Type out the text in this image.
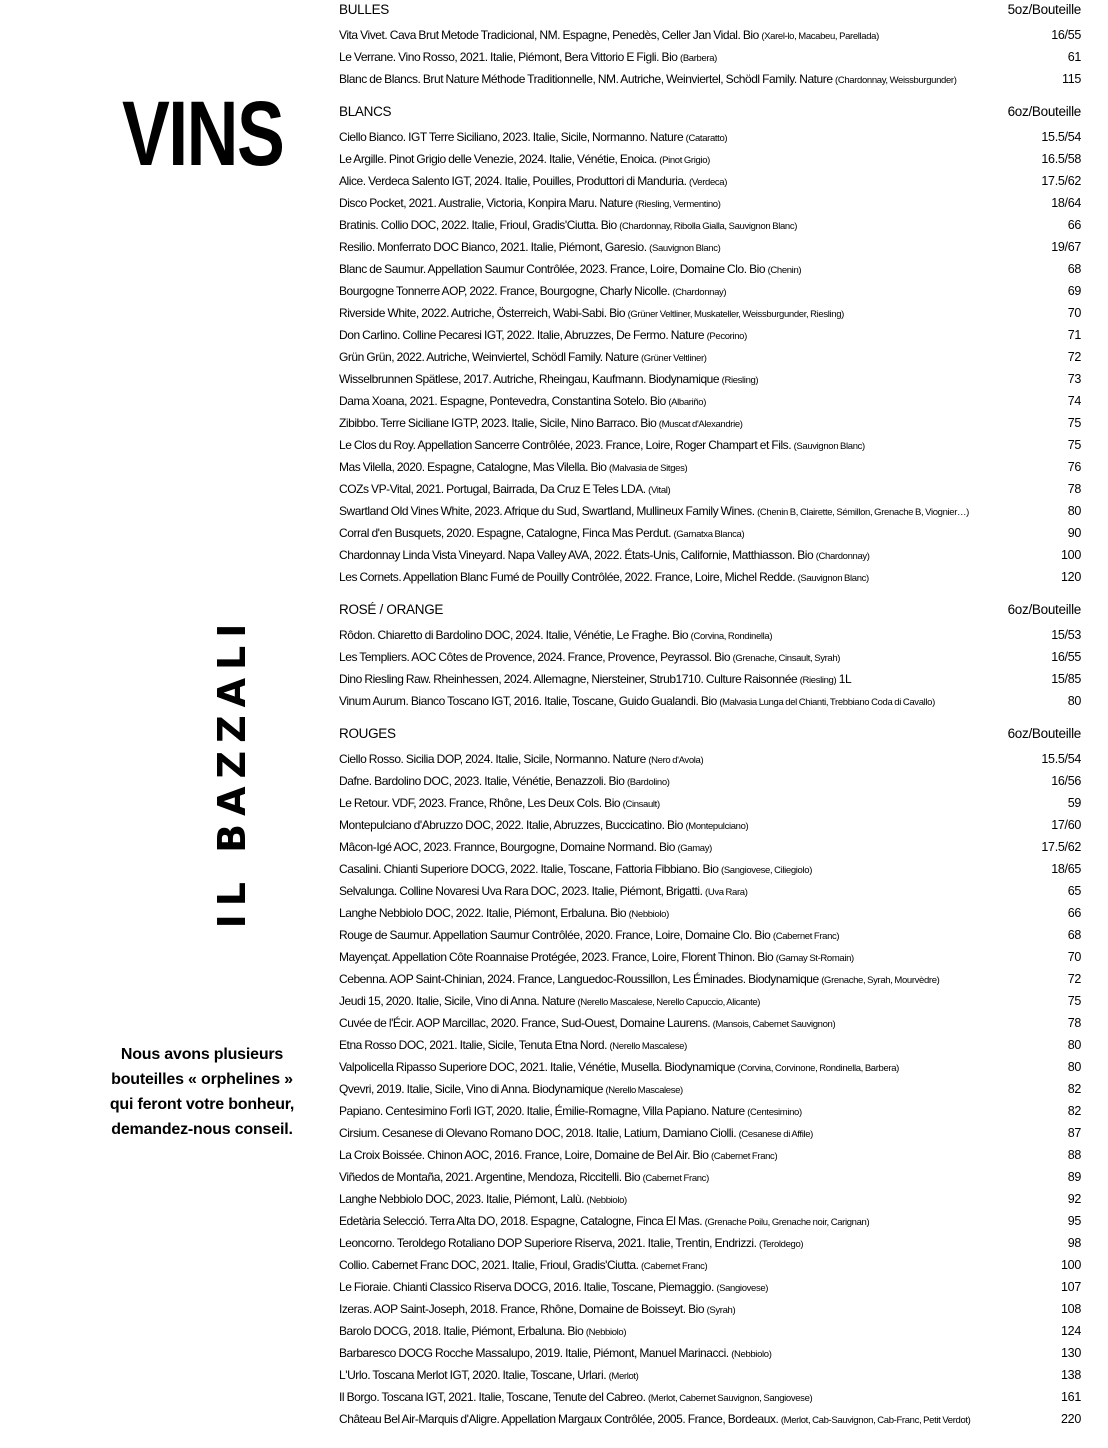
VINS
IL BAZZALI
Nous avons plusieurs
bouteilles « orphelines »
qui feront votre bonheur,
demandez-nous conseil.
BULLES	5oz/Bouteille
Vita Vivet. Cava Brut Metode Tradicional, NM. Espagne, Penedès, Celler Jan Vidal. Bio (Xarel-lo, Macabeu, Parellada)	16/55
Le Verrane. Vino Rosso, 2021. Italie, Piémont, Bera Vittorio E Figli. Bio (Barbera)	61
Blanc de Blancs. Brut Nature Méthode Traditionnelle, NM. Autriche, Weinviertel, Schödl Family. Nature (Chardonnay, Weissburgunder)	115
BLANCS	6oz/Bouteille
Ciello Bianco. IGT Terre Siciliano, 2023. Italie, Sicile, Normanno. Nature (Cataratto)	15.5/54
Le Argille. Pinot Grigio delle Venezie, 2024. Italie, Vénétie, Enoica. (Pinot Grigio)	16.5/58
Alice. Verdeca Salento IGT, 2024. Italie, Pouilles, Produttori di Manduria. (Verdeca)	17.5/62
Disco Pocket, 2021. Australie, Victoria, Konpira Maru. Nature (Riesling, Vermentino)	18/64
Bratinis. Collio DOC, 2022. Italie, Frioul, Gradis'Ciutta. Bio (Chardonnay, Ribolla Gialla, Sauvignon Blanc)	66
Resilio. Monferrato DOC Bianco, 2021. Italie, Piémont, Garesio. (Sauvignon Blanc)	19/67
Blanc de Saumur. Appellation Saumur Contrôlée, 2023. France, Loire, Domaine Clo. Bio (Chenin)	68
Bourgogne Tonnerre AOP, 2022. France, Bourgogne, Charly Nicolle. (Chardonnay)	69
Riverside White, 2022. Autriche, Österreich, Wabi-Sabi. Bio (Grüner Veltliner, Muskateller, Weissburgunder, Riesling)	70
Don Carlino. Colline Pecaresi IGT, 2022. Italie, Abruzzes, De Fermo. Nature (Pecorino)	71
Grün Grün, 2022. Autriche, Weinviertel, Schödl Family. Nature (Grüner Veltliner)	72
Wisselbrunnen Spätlese, 2017. Autriche, Rheingau, Kaufmann. Biodynamique (Riesling)	73
Dama Xoana, 2021. Espagne, Pontevedra, Constantina Sotelo. Bio (Albariño)	74
Zibibbo. Terre Siciliane IGTP, 2023. Italie, Sicile, Nino Barraco. Bio (Muscat d'Alexandrie)	75
Le Clos du Roy. Appellation Sancerre Contrôlée, 2023. France, Loire, Roger Champart et Fils. (Sauvignon Blanc)	75
Mas Vilella, 2020. Espagne, Catalogne, Mas Vilella. Bio (Malvasia de Sitges)	76
COZs VP-Vital, 2021. Portugal, Bairrada, Da Cruz E Teles LDA. (Vital)	78
Swartland Old Vines White, 2023. Afrique du Sud, Swartland, Mullineux Family Wines. (Chenin B, Clairette, Sémillon, Grenache B, Viognier…)	80
Corral d'en Busquets, 2020. Espagne, Catalogne, Finca Mas Perdut. (Garnatxa Blanca)	90
Chardonnay Linda Vista Vineyard. Napa Valley AVA, 2022. États-Unis, Californie, Matthiasson. Bio (Chardonnay)	100
Les Cornets. Appellation Blanc Fumé de Pouilly Contrôlée, 2022. France, Loire, Michel Redde. (Sauvignon Blanc)	120
ROSÉ / ORANGE	6oz/Bouteille
Rôdon. Chiaretto di Bardolino DOC, 2024. Italie, Vénétie, Le Fraghe. Bio (Corvina, Rondinella)	15/53
Les Templiers. AOC Côtes de Provence, 2024. France, Provence, Peyrassol. Bio (Grenache, Cinsault, Syrah)	16/55
Dino Riesling Raw. Rheinhessen, 2024. Allemagne, Niersteiner, Strub1710. Culture Raisonnée (Riesling) 1L	15/85
Vinum Aurum. Bianco Toscano IGT, 2016. Italie, Toscane, Guido Gualandi. Bio (Malvasia Lunga del Chianti, Trebbiano Coda di Cavallo)	80
ROUGES	6oz/Bouteille
Ciello Rosso. Sicilia DOP, 2024. Italie, Sicile, Normanno. Nature (Nero d'Avola)	15.5/54
Dafne. Bardolino DOC, 2023. Italie, Vénétie, Benazzoli. Bio (Bardolino)	16/56
Le Retour. VDF, 2023. France, Rhône, Les Deux Cols. Bio (Cinsault)	59
Montepulciano d'Abruzzo DOC, 2022. Italie, Abruzzes, Buccicatino. Bio (Montepulciano)	17/60
Mâcon-Igé AOC, 2023. Frannce, Bourgogne, Domaine Normand. Bio (Gamay)	17.5/62
Casalini. Chianti Superiore DOCG, 2022. Italie, Toscane, Fattoria Fibbiano. Bio (Sangiovese, Ciliegiolo)	18/65
Selvalunga. Colline Novaresi Uva Rara DOC, 2023. Italie, Piémont, Brigatti. (Uva Rara)	65
Langhe Nebbiolo DOC, 2022. Italie, Piémont, Erbaluna. Bio (Nebbiolo)	66
Rouge de Saumur. Appellation Saumur Contrôlée, 2020. France, Loire, Domaine Clo. Bio (Cabernet Franc)	68
Mayençat. Appellation Côte Roannaise Protégée, 2023. France, Loire, Florent Thinon. Bio (Gamay St-Romain)	70
Cebenna. AOP Saint-Chinian, 2024. France, Languedoc-Roussillon, Les Éminades. Biodynamique (Grenache, Syrah, Mourvèdre)	72
Jeudi 15, 2020. Italie, Sicile, Vino di Anna. Nature (Nerello Mascalese, Nerello Capuccio, Alicante)	75
Cuvée de l'Écir. AOP Marcillac, 2020. France, Sud-Ouest, Domaine Laurens. (Mansois, Cabernet Sauvignon)	78
Etna Rosso DOC, 2021. Italie, Sicile, Tenuta Etna Nord. (Nerello Mascalese)	80
Valpolicella Ripasso Superiore DOC, 2021. Italie, Vénétie, Musella. Biodynamique (Corvina, Corvinone, Rondinella, Barbera)	80
Qvevri, 2019. Italie, Sicile, Vino di Anna. Biodynamique (Nerello Mascalese)	82
Papiano. Centesimino Forlì IGT, 2020. Italie, Émilie-Romagne, Villa Papiano. Nature (Centesimino)	82
Cirsium. Cesanese di Olevano Romano DOC, 2018. Italie, Latium, Damiano Ciolli. (Cesanese di Affile)	87
La Croix Boissée. Chinon AOC, 2016. France, Loire, Domaine de Bel Air. Bio (Cabernet Franc)	88
Viñedos de Montaña, 2021. Argentine, Mendoza, Riccitelli. Bio (Cabernet Franc)	89
Langhe Nebbiolo DOC, 2023. Italie, Piémont, Lalù. (Nebbiolo)	92
Edetària Selecció. Terra Alta DO, 2018. Espagne, Catalogne, Finca El Mas. (Grenache Poilu, Grenache noir, Carignan)	95
Leoncorno. Teroldego Rotaliano DOP Superiore Riserva, 2021. Italie, Trentin, Endrizzi. (Teroldego)	98
Collio. Cabernet Franc DOC, 2021. Italie, Frioul, Gradis'Ciutta. (Cabernet Franc)	100
Le Fioraie. Chianti Classico Riserva DOCG, 2016. Italie, Toscane, Piemaggio. (Sangiovese)	107
Izeras. AOP Saint-Joseph, 2018. France, Rhône, Domaine de Boisseyt. Bio (Syrah)	108
Barolo DOCG, 2018. Italie, Piémont, Erbaluna. Bio (Nebbiolo)	124
Barbaresco DOCG Rocche Massalupo, 2019. Italie, Piémont, Manuel Marinacci. (Nebbiolo)	130
L'Urlo. Toscana Merlot IGT, 2020. Italie, Toscane, Urlari. (Merlot)	138
Il Borgo. Toscana IGT, 2021. Italie, Toscane, Tenute del Cabreo. (Merlot, Cabernet Sauvignon, Sangiovese)	161
Château Bel Air-Marquis d'Aligre. Appellation Margaux Contrôlée, 2005. France, Bordeaux. (Merlot, Cab-Sauvignon, Cab-Franc, Petit Verdot)	220
